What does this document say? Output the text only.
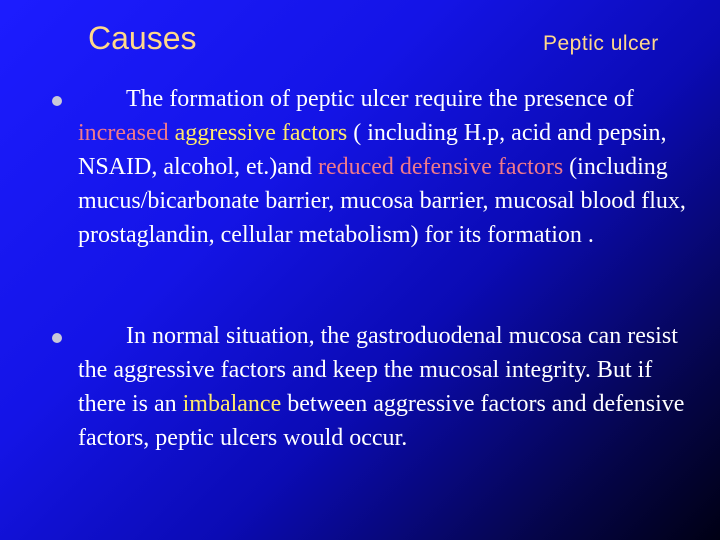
Causes	Peptic ulcer
The formation of peptic ulcer require the presence of increased aggressive factors ( including H.p, acid and pepsin, NSAID, alcohol, et.)and reduced defensive factors (including mucus/bicarbonate barrier, mucosa barrier, mucosal blood flux, prostaglandin, cellular metabolism) for its formation .
In normal situation, the gastroduodenal mucosa can resist the aggressive factors and keep the mucosal integrity. But if there is an imbalance between aggressive factors and defensive factors, peptic ulcers would occur.
